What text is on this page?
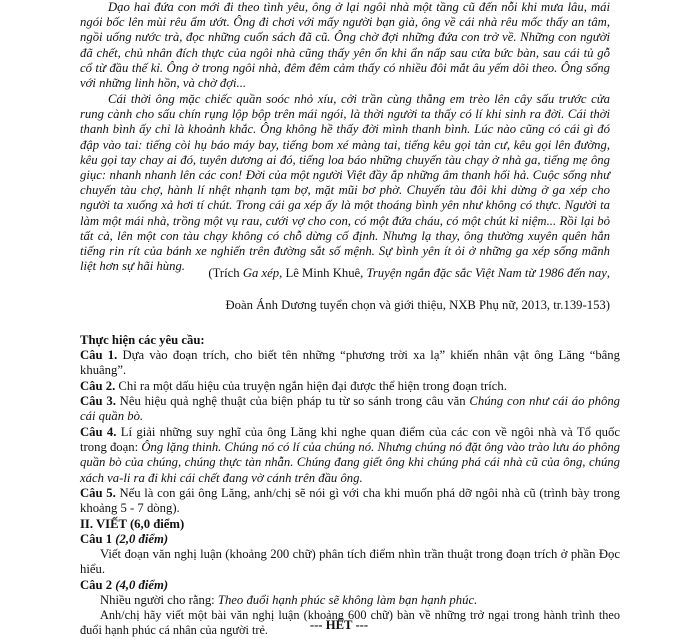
Dạo hai đứa con mới đi theo tình yêu, ông ở lại ngôi nhà một tầng cũ đến nỗi khi mưa lâu, mái ngói bốc lên mùi rêu ẩm ướt. Ông đi chơi với mấy người bạn già, ông về cái nhà rêu mốc thấy an tâm, ngồi uống nước trà, đọc những cuốn sách đã cũ. Ông chờ đợi những đứa con trở về. Những con người đã chết, chủ nhân đích thực của ngôi nhà cũng thấy yên ổn khi ẩn nấp sau cửa bức bàn, sau cái tủ gỗ cổ từ đầu thế kỉ. Ông ở trong ngôi nhà, đêm đêm cảm thấy có nhiều đôi mắt âu yếm dõi theo. Ông sống với những linh hồn, và chờ đợi...

Cái thời ông mặc chiếc quần soóc nhỏ xíu, cởi trần cùng thằng em trèo lên cây sấu trước cửa rung cành cho sấu chín rụng lộp bộp trên mái ngói, là thời người ta thấy có lí khi sinh ra đời. Cái thời thanh bình ấy chỉ là khoảnh khắc. Ông không hề thấy đời mình thanh bình. Lúc nào cũng có cái gì đó đập vào tai: tiếng còi hụ báo máy bay, tiếng bom xé màng tai, tiếng kêu gọi tản cư, kêu gọi lên đường, kêu gọi tay chay ai đó, tuyên dương ai đó, tiếng loa báo những chuyến tàu chạy ở nhà ga, tiếng mẹ ông giục: nhanh nhanh lên các con! Đời của một người Việt đầy ắp những âm thanh hối hả. Cuộc sống như chuyến tàu chợ, hành lí nhệt nhạnh tạm bợ, mặt mũi bơ phờ. Chuyến tàu đôi khi dừng ở ga xép cho người ta xuống xả hơi tí chút. Trong cái ga xép ấy là một thoáng bình yên như không có thực. Người ta làm một mái nhà, trồng một vụ rau, cưới vợ cho con, có một đứa cháu, có một chút kỉ niệm... Rồi lại bỏ tất cả, lên một con tàu chạy không có chỗ dừng cố định. Nhưng lạ thay, ông thường xuyên quên hẳn tiếng rin rít của bánh xe nghiến trên đường sắt số mệnh. Sự bình yên ít ỏi ở những ga xép sống mãnh liệt hơn sự hãi hùng.	(Trích Ga xép, Lê Minh Khuê, Truyện ngắn đặc sắc Việt Nam từ 1986 đến nay,

Đoàn Ánh Dương tuyển chọn và giới thiệu, NXB Phụ nữ, 2013, tr.139-153)

Thực hiện các yêu cầu:

Câu 1. Dựa vào đoạn trích, cho biết tên những “phương trời xa lạ” khiến nhân vật ông Lăng “bâng khuâng”.

Câu 2. Chỉ ra một dấu hiệu của truyện ngắn hiện đại được thể hiện trong đoạn trích.

Câu 3. Nêu hiệu quả nghệ thuật của biện pháp tu từ so sánh trong câu văn Chúng con như cái áo phông cái quần bò.

Câu 4. Lí giải những suy nghĩ của ông Lăng khi nghe quan điểm của các con về ngôi nhà và Tổ quốc trong đoạn: Ông lặng thinh. Chúng nó có lí của chúng nó. Nhưng chúng nó đặt ông vào trào lưu áo phông quần bò của chúng, chúng thực tàn nhẫn. Chúng đang giết ông khi chúng phá cái nhà cũ của ông, chúng xách va-li ra đi khi cái chết đang vờ cánh trên đầu ông.

Câu 5. Nếu là con gái ông Lăng, anh/chị sẽ nói gì với cha khi muốn phá dỡ ngôi nhà cũ (trình bày trong khoảng 5 - 7 dòng).

II. VIẾT (6,0 điểm)

Câu 1 (2,0 điểm)

Viết đoạn văn nghị luận (khoảng 200 chữ) phân tích điểm nhìn trần thuật trong đoạn trích ở phần Đọc hiểu.

Câu 2 (4,0 điểm)

Nhiều người cho rằng: Theo đuổi hạnh phúc sẽ không làm bạn hạnh phúc.

Anh/chị hãy viết một bài văn nghị luận (khoảng 600 chữ) bàn về những trở ngại trong hành trình theo đuổi hạnh phúc cá nhân của người trẻ.	--- HẾT ---
